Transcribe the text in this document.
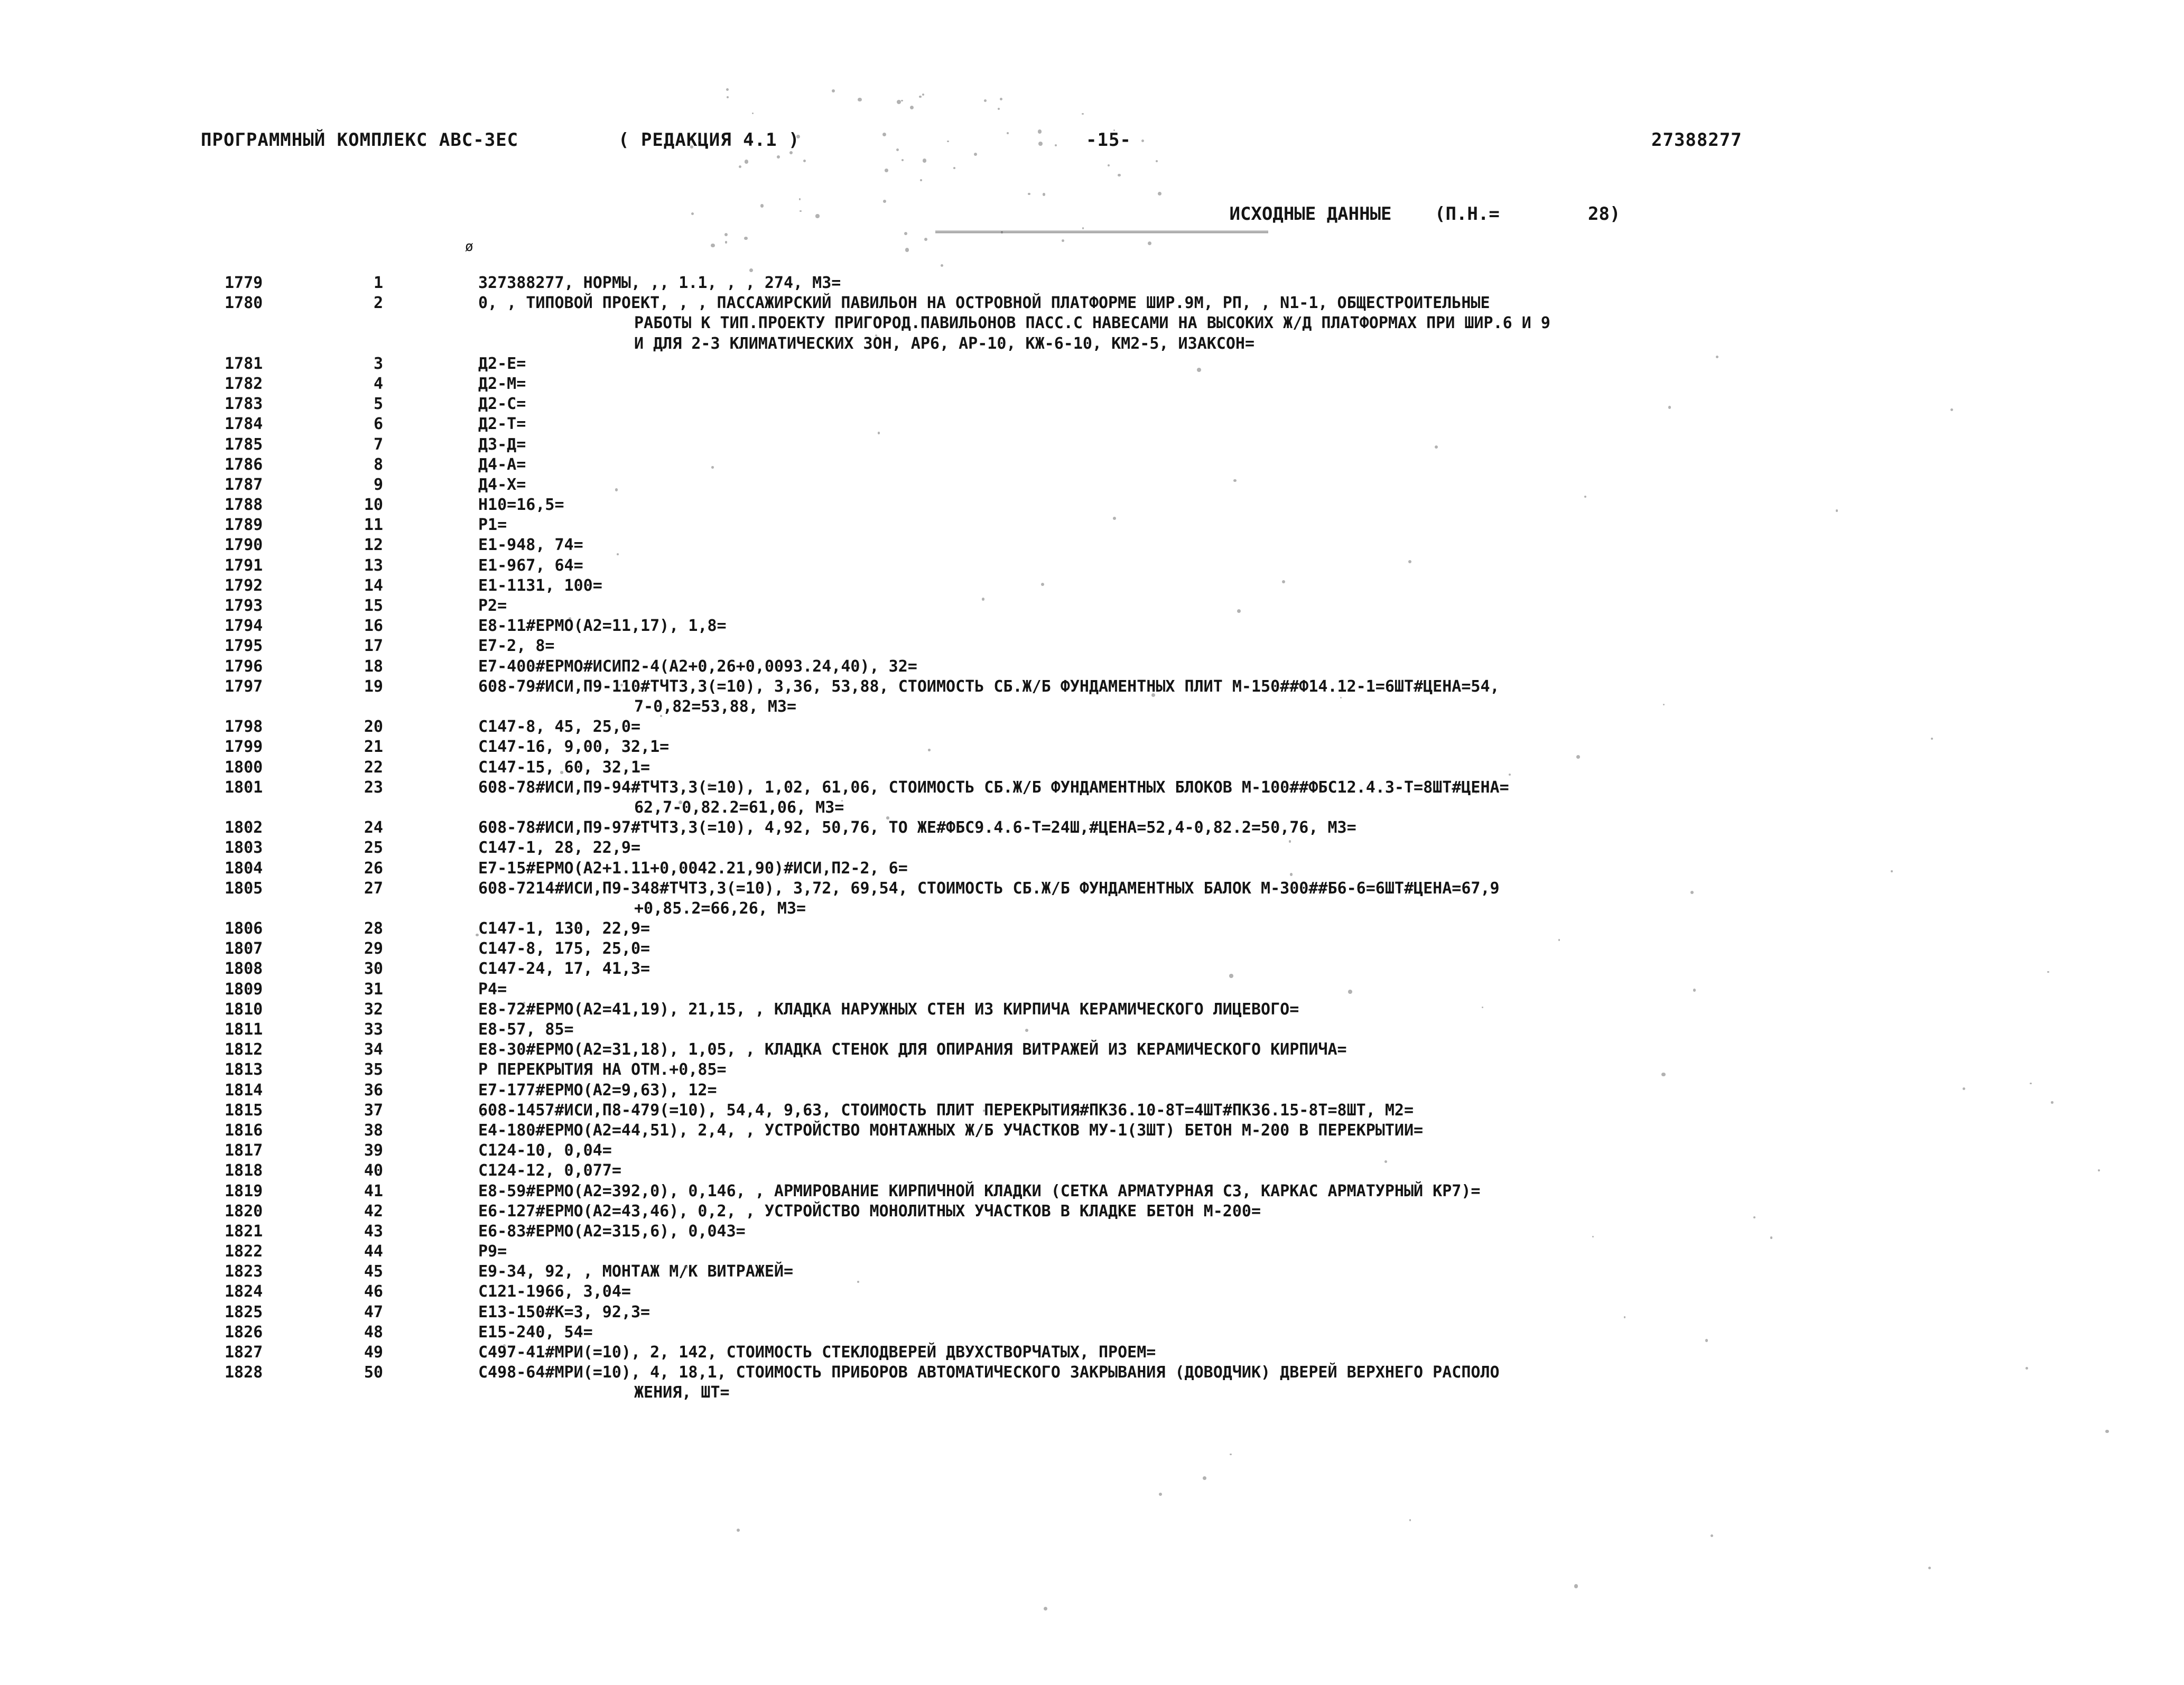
ПРОГРАММНЫЙ КОМПЛЕКС АВС-3ЕС	( РЕДАКЦИЯ 4.1 )	-15-	27388277
ИСХОДНЫЕ ДАННЫЕ	(П.Н.=	28)
ø
1779	1	327388277, НОРМЫ, ,, 1.1, , , 274, М3=
1780	2	0, , ТИПОВОЙ ПРОЕКТ, , , ПАССАЖИРСКИЙ ПАВИЛЬОН НА ОСТРОВНОЙ ПЛАТФОРМЕ ШИР.9М, РП, , N1-1, ОБЩЕСТРОИТЕЛЬНЫЕ
РАБОТЫ К ТИП.ПРОЕКТУ ПРИГОРОД.ПАВИЛЬОНОВ ПАСС.С НАВЕСАМИ НА ВЫСОКИХ Ж/Д ПЛАТФОРМАХ ПРИ ШИР.6 И 9
И ДЛЯ 2-3 КЛИМАТИЧЕСКИХ ЗОН, АР6, АР-10, КЖ-6-10, КМ2-5, ИЗАКСОН=
1781	3	Д2-Е=
1782	4	Д2-М=
1783	5	Д2-С=
1784	6	Д2-Т=
1785	7	Д3-Д=
1786	8	Д4-А=
1787	9	Д4-Х=
1788	10	Н10=16,5=
1789	11	Р1=
1790	12	Е1-948, 74=
1791	13	Е1-967, 64=
1792	14	Е1-1131, 100=
1793	15	Р2=
1794	16	Е8-11#ЕРМО(А2=11,17), 1,8=
1795	17	Е7-2, 8=
1796	18	Е7-400#ЕРМО#ИСИП2-4(А2+0,26+0,0093.24,40), 32=
1797	19	608-79#ИСИ,П9-110#ТЧТ3,3(=10), 3,36, 53,88, СТОИМОСТЬ СБ.Ж/Б ФУНДАМЕНТНЫХ ПЛИТ М-150##Ф14.12-1=6ШТ#ЦЕНА=54,
7-0,82=53,88, М3=
1798	20	С147-8, 45, 25,0=
1799	21	С147-16, 9,00, 32,1=
1800	22	С147-15, 60, 32,1=
1801	23	608-78#ИСИ,П9-94#ТЧТ3,3(=10), 1,02, 61,06, СТОИМОСТЬ СБ.Ж/Б ФУНДАМЕНТНЫХ БЛОКОВ М-100##ФБС12.4.3-Т=8ШТ#ЦЕНА=
62,7-0,82.2=61,06, М3=
1802	24	608-78#ИСИ,П9-97#ТЧТ3,3(=10), 4,92, 50,76, ТО ЖЕ#ФБС9.4.6-Т=24Ш,#ЦЕНА=52,4-0,82.2=50,76, М3=
1803	25	С147-1, 28, 22,9=
1804	26	Е7-15#ЕРМО(А2+1.11+0,0042.21,90)#ИСИ,П2-2, 6=
1805	27	608-7214#ИСИ,П9-348#ТЧТ3,3(=10), 3,72, 69,54, СТОИМОСТЬ СБ.Ж/Б ФУНДАМЕНТНЫХ БАЛОК М-300##Б6-6=6ШТ#ЦЕНА=67,9
+0,85.2=66,26, М3=
1806	28	С147-1, 130, 22,9=
1807	29	С147-8, 175, 25,0=
1808	30	С147-24, 17, 41,3=
1809	31	Р4=
1810	32	Е8-72#ЕРМО(А2=41,19), 21,15, , КЛАДКА НАРУЖНЫХ СТЕН ИЗ КИРПИЧА КЕРАМИЧЕСКОГО ЛИЦЕВОГО=
1811	33	Е8-57, 85=
1812	34	Е8-30#ЕРМО(А2=31,18), 1,05, , КЛАДКА СТЕНОК ДЛЯ ОПИРАНИЯ ВИТРАЖЕЙ ИЗ КЕРАМИЧЕСКОГО КИРПИЧА=
1813	35	Р ПЕРЕКРЫТИЯ НА ОТМ.+0,85=
1814	36	Е7-177#ЕРМО(А2=9,63), 12=
1815	37	608-1457#ИСИ,П8-479(=10), 54,4, 9,63, СТОИМОСТЬ ПЛИТ ПЕРЕКРЫТИЯ#ПК36.10-8Т=4ШТ#ПК36.15-8Т=8ШТ, М2=
1816	38	Е4-180#ЕРМО(А2=44,51), 2,4, , УСТРОЙСТВО МОНТАЖНЫХ Ж/Б УЧАСТКОВ МУ-1(3ШТ) БЕТОН М-200 В ПЕРЕКРЫТИИ=
1817	39	С124-10, 0,04=
1818	40	С124-12, 0,077=
1819	41	Е8-59#ЕРМО(А2=392,0), 0,146, , АРМИРОВАНИЕ КИРПИЧНОЙ КЛАДКИ (СЕТКА АРМАТУРНАЯ С3, КАРКАС АРМАТУРНЫЙ КР7)=
1820	42	Е6-127#ЕРМО(А2=43,46), 0,2, , УСТРОЙСТВО МОНОЛИТНЫХ УЧАСТКОВ В КЛАДКЕ БЕТОН М-200=
1821	43	Е6-83#ЕРМО(А2=315,6), 0,043=
1822	44	Р9=
1823	45	Е9-34, 92, , МОНТАЖ М/К ВИТРАЖЕЙ=
1824	46	С121-1966, 3,04=
1825	47	Е13-150#К=3, 92,3=
1826	48	Е15-240, 54=
1827	49	С497-41#МРИ(=10), 2, 142, СТОИМОСТЬ СТЕКЛОДВЕРЕЙ ДВУХСТВОРЧАТЫХ, ПРОЕМ=
1828	50	С498-64#МРИ(=10), 4, 18,1, СТОИМОСТЬ ПРИБОРОВ АВТОМАТИЧЕСКОГО ЗАКРЫВАНИЯ (ДОВОДЧИК) ДВЕРЕЙ ВЕРХНЕГО РАСПОЛО
ЖЕНИЯ, ШТ=
